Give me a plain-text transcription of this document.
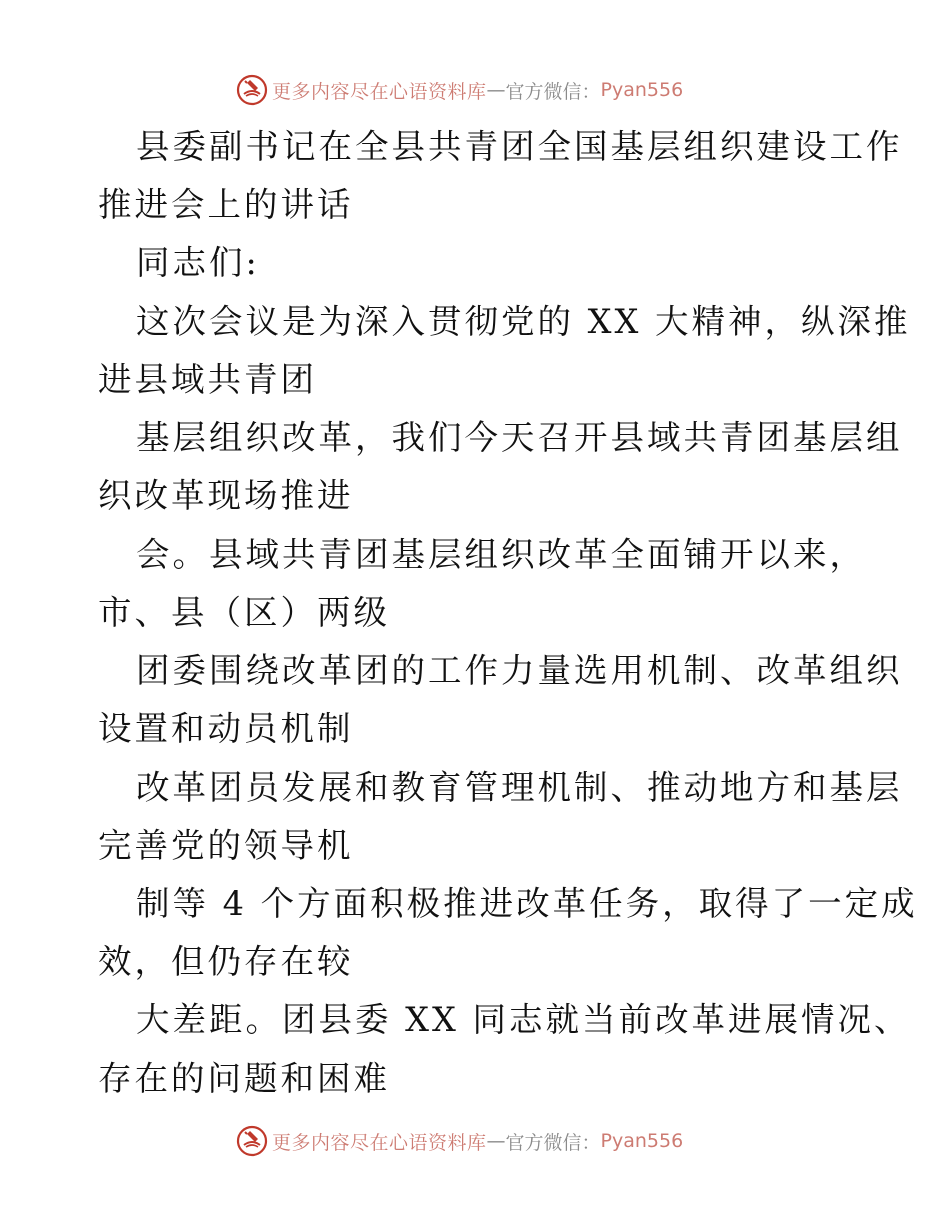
更多内容尽在心语资料库 — 官方微信： Pyan556
县委副书记在全县共青团全国基层组织建设工作
推进会上的讲话
同志们:
这次会议是为深入贯彻党的 XX 大精神，纵深推
进县域共青团
基层组织改革，我们今天召开县域共青团基层组
织改革现场推进
会。县域共青团基层组织改革全面铺开以来，
市、县（区）两级
团委围绕改革团的工作力量选用机制、改革组织
设置和动员机制
改革团员发展和教育管理机制、推动地方和基层
完善党的领导机
制等 4 个方面积极推进改革任务，取得了一定成
效，但仍存在较
大差距。团县委 XX 同志就当前改革进展情况、
存在的问题和困难
更多内容尽在心语资料库 — 官方微信： Pyan556
